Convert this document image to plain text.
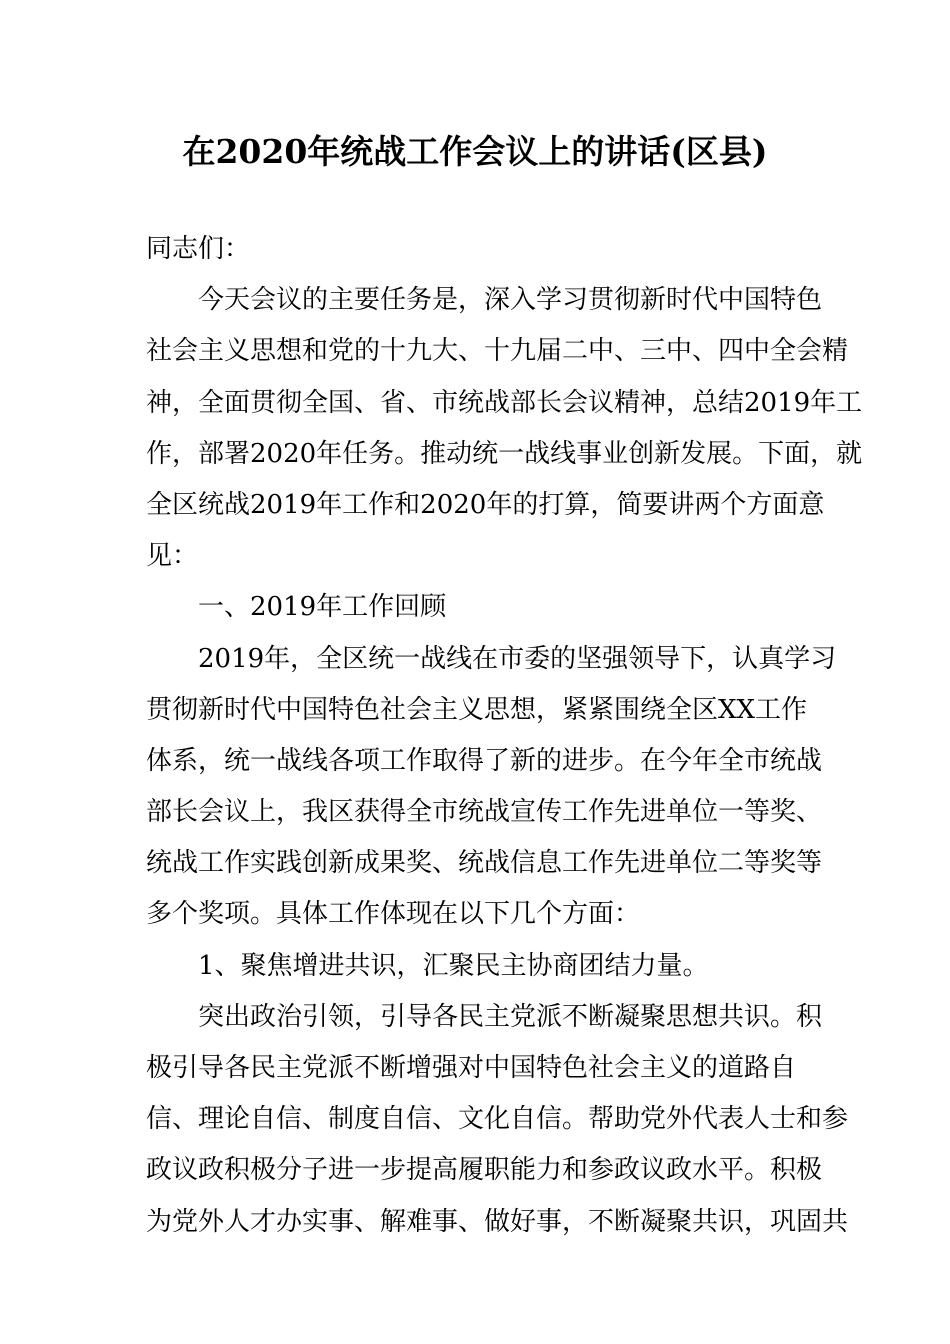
在2020年统战工作会议上的讲话(区县)
同志们：
今天会议的主要任务是，深入学习贯彻新时代中国特色
社会主义思想和党的十九大、十九届二中、三中、四中全会精
神，全面贯彻全国、省、市统战部长会议精神，总结2019年工
作，部署2020年任务。推动统一战线事业创新发展。下面，就
全区统战2019年工作和2020年的打算，简要讲两个方面意
见：
一、2019年工作回顾
2019年，全区统一战线在市委的坚强领导下，认真学习
贯彻新时代中国特色社会主义思想，紧紧围绕全区XX工作
体系，统一战线各项工作取得了新的进步。在今年全市统战
部长会议上，我区获得全市统战宣传工作先进单位一等奖、
统战工作实践创新成果奖、统战信息工作先进单位二等奖等
多个奖项。具体工作体现在以下几个方面：
1、聚焦增进共识，汇聚民主协商团结力量。
突出政治引领，引导各民主党派不断凝聚思想共识。积
极引导各民主党派不断增强对中国特色社会主义的道路自
信、理论自信、制度自信、文化自信。帮助党外代表人士和参
政议政积极分子进一步提高履职能力和参政议政水平。积极
为党外人才办实事、解难事、做好事，不断凝聚共识，巩固共
